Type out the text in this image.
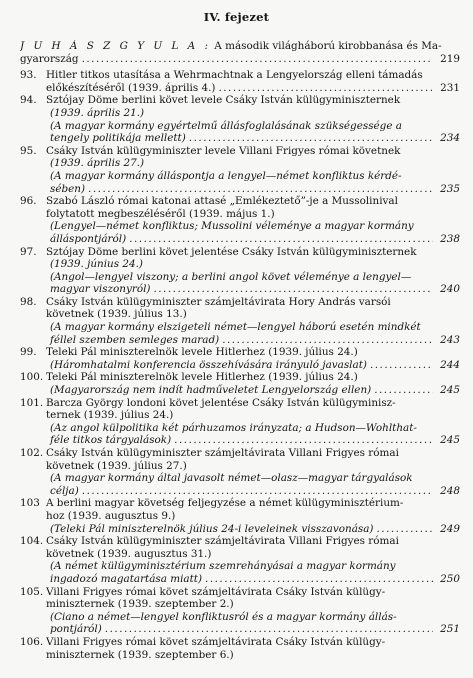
IV. fejezet
J U H Á S Z G Y U L A : A második világháború kirobbanása és Ma-
gyarország .....	219
93. Hitler titkos utasítása a Wehrmachtnak a Lengyelország elleni támadás
előkészítéséről (1939. április 4.) .....	231
94. Sztójay Döme berlini követ levele Csáky István külügyminiszternek
(1939. április 21.)
(A magyar kormány egyértelmű állásfoglalásának szükségessége a
tengely politikája mellett) .....	234
95. Csáky István külügyminiszter levele Villani Frigyes római követnek
(1939. április 27.)
(A magyar kormány álláspontja a lengyel—német konfliktus kérdé-
sében) .....	235
96. Szabó László római katonai attasé „Emlékeztető”-je a Mussolinival
folytatott megbeszéléséről (1939. május 1.)
(Lengyel—német konfliktus; Mussolini véleménye a magyar kormány
álláspontjáról) .....	238
97. Sztójay Döme berlini követ jelentése Csáky István külügyminiszternek
(1939. június 24.)
(Angol—lengyel viszony; a berlini angol követ véleménye a lengyel—
magyar viszonyról) .....	240
98. Csáky István külügyminiszter számjeltávirata Hory András varsói
követnek (1939. július 13.)
(A magyar kormány elszigeteli német—lengyel háború esetén mindkét
féllel szemben semleges marad) .....	243
99. Teleki Pál miniszterelnök levele Hitlerhez (1939. július 24.)
(Háromhatalmi konferencia összehívására irányuló javaslat) .....	244
100. Teleki Pál miniszterelnök levele Hitlerhez (1939. július 24.)
(Magyarország nem indít hadműveletet Lengyelország ellen) .....	245
101. Barcza György londoni követ jelentése Csáky István külügyminisz-
ternek (1939. július 24.)
(Az angol külpolitika két párhuzamos irányzata; a Hudson—Wohlthat-
féle titkos tárgyalások) .....	245
102. Csáky István külügyminiszter számjeltávirata Villani Frigyes római
követnek (1939. július 27.)
(A magyar kormány által javasolt német—olasz—magyar tárgyalások
célja) .....	248
103 A berlini magyar követség feljegyzése a német külügyminisztérium-
hoz (1939. augusztus 9.)
(Teleki Pál miniszterelnök július 24-i leveleinek visszavonása) .....	249
104. Csáky István külügyminiszter számjeltávirata Villani Frigyes római
követnek (1939. augusztus 31.)
(A német külügyminisztérium szemrehányásai a magyar kormány
ingadozó magatartása miatt) .....	250
105. Villani Frigyes római követ számjeltávirata Csáky István külügy-
miniszternek (1939. szeptember 2.)
(Ciano a német—lengyel konfliktusról és a magyar kormány állás-
pontjáról) .....	251
106. Villani Frigyes római követ számjeltávirata Csáky István külügy-
miniszternek (1939. szeptember 6.)
